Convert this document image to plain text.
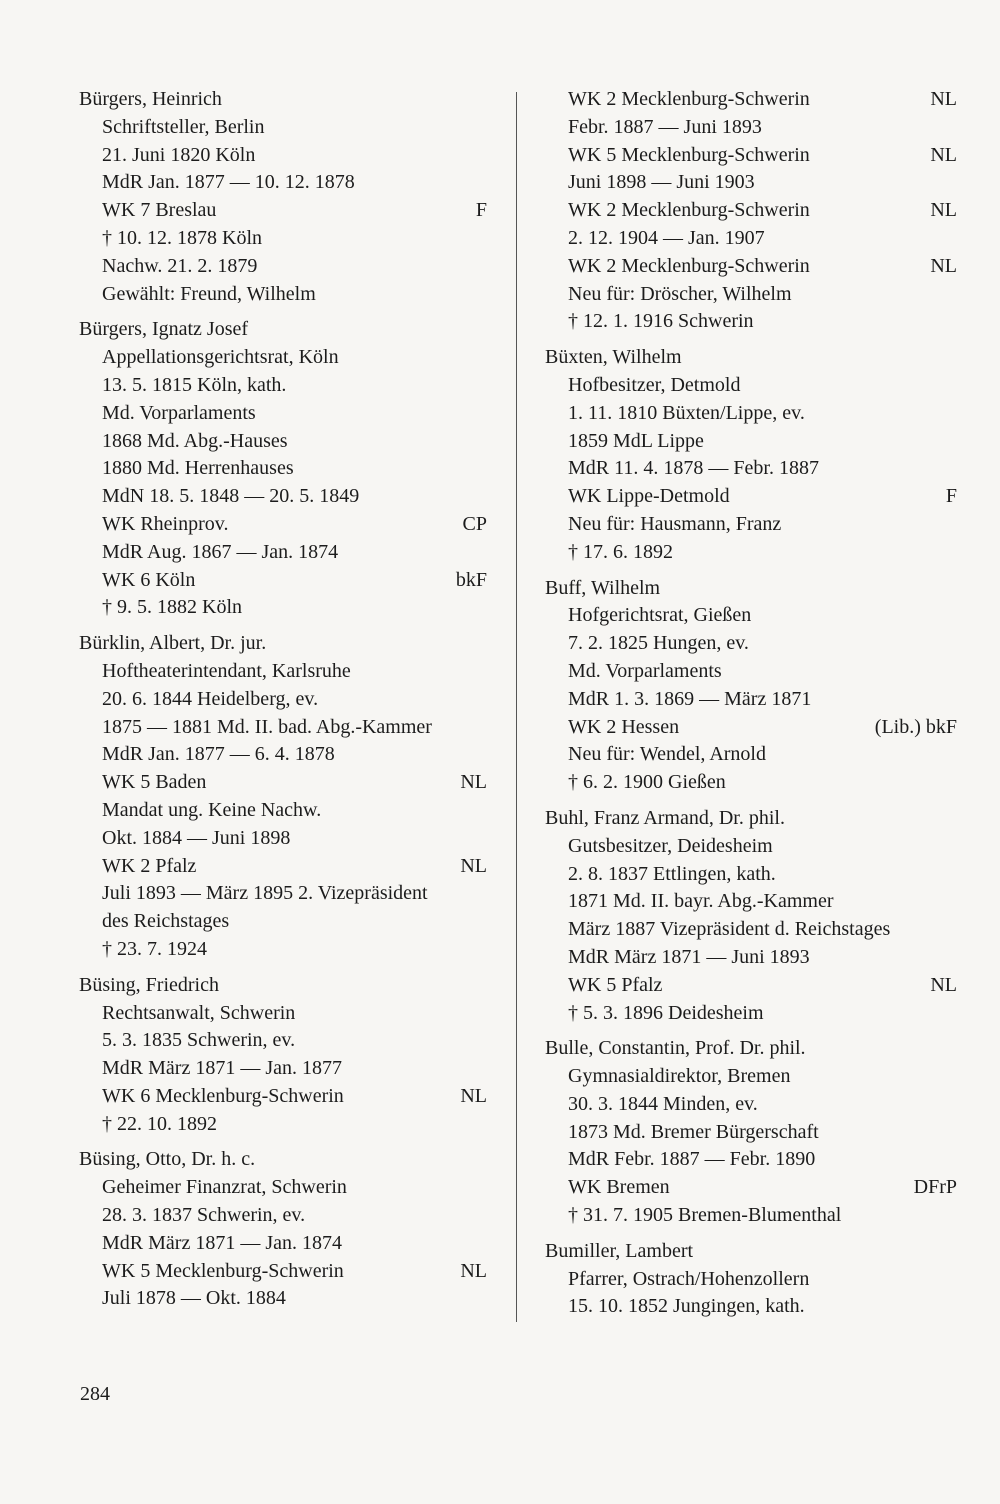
Bürgers, Heinrich
Schriftsteller, Berlin
21. Juni 1820 Köln
MdR Jan. 1877 — 10. 12. 1878
WK 7 Breslau	F
† 10. 12. 1878 Köln
Nachw. 21. 2. 1879
Gewählt: Freund, Wilhelm
Bürgers, Ignatz Josef
Appellationsgerichtsrat, Köln
13. 5. 1815 Köln, kath.
Md. Vorparlaments
1868 Md. Abg.-Hauses
1880 Md. Herrenhauses
MdN 18. 5. 1848 — 20. 5. 1849
WK Rheinprov.	CP
MdR Aug. 1867 — Jan. 1874
WK 6 Köln	bkF
† 9. 5. 1882 Köln
Bürklin, Albert, Dr. jur.
Hoftheaterintendant, Karlsruhe
20. 6. 1844 Heidelberg, ev.
1875 — 1881 Md. II. bad. Abg.-Kammer
MdR Jan. 1877 — 6. 4. 1878
WK 5 Baden	NL
Mandat ung. Keine Nachw.
Okt. 1884 — Juni 1898
WK 2 Pfalz	NL
Juli 1893 — März 1895 2. Vizepräsident
des Reichstages
† 23. 7. 1924
Büsing, Friedrich
Rechtsanwalt, Schwerin
5. 3. 1835 Schwerin, ev.
MdR März 1871 — Jan. 1877
WK 6 Mecklenburg-Schwerin	NL
† 22. 10. 1892
Büsing, Otto, Dr. h. c.
Geheimer Finanzrat, Schwerin
28. 3. 1837 Schwerin, ev.
MdR März 1871 — Jan. 1874
WK 5 Mecklenburg-Schwerin	NL
Juli 1878 — Okt. 1884
WK 2 Mecklenburg-Schwerin	NL
Febr. 1887 — Juni 1893
WK 5 Mecklenburg-Schwerin	NL
Juni 1898 — Juni 1903
WK 2 Mecklenburg-Schwerin	NL
2. 12. 1904 — Jan. 1907
WK 2 Mecklenburg-Schwerin	NL
Neu für: Dröscher, Wilhelm
† 12. 1. 1916 Schwerin
Büxten, Wilhelm
Hofbesitzer, Detmold
1. 11. 1810 Büxten/Lippe, ev.
1859 MdL Lippe
MdR 11. 4. 1878 — Febr. 1887
WK Lippe-Detmold	F
Neu für: Hausmann, Franz
† 17. 6. 1892
Buff, Wilhelm
Hofgerichtsrat, Gießen
7. 2. 1825 Hungen, ev.
Md. Vorparlaments
MdR 1. 3. 1869 — März 1871
WK 2 Hessen	(Lib.) bkF
Neu für: Wendel, Arnold
† 6. 2. 1900 Gießen
Buhl, Franz Armand, Dr. phil.
Gutsbesitzer, Deidesheim
2. 8. 1837 Ettlingen, kath.
1871 Md. II. bayr. Abg.-Kammer
März 1887 Vizepräsident d. Reichstages
MdR März 1871 — Juni 1893
WK 5 Pfalz	NL
† 5. 3. 1896 Deidesheim
Bulle, Constantin, Prof. Dr. phil.
Gymnasialdirektor, Bremen
30. 3. 1844 Minden, ev.
1873 Md. Bremer Bürgerschaft
MdR Febr. 1887 — Febr. 1890
WK Bremen	DFrP
† 31. 7. 1905 Bremen-Blumenthal
Bumiller, Lambert
Pfarrer, Ostrach/Hohenzollern
15. 10. 1852 Jungingen, kath.
284
